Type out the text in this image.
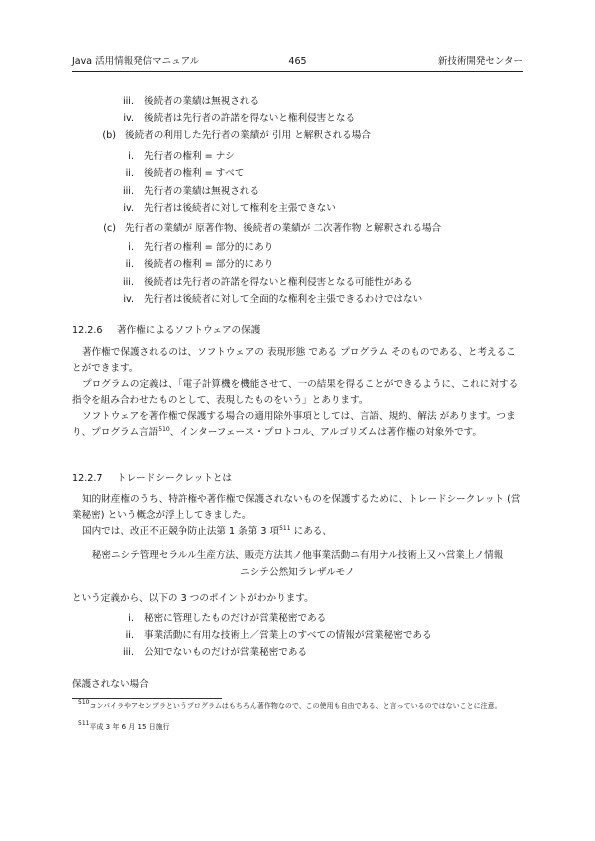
Java 活用情報発信マニュアル	465	新技術開発センター
iii. 後続者の業績は無視される
iv. 後続者は先行者の許諾を得ないと権利侵害となる
(b) 後続者の利用した先行者の業績が 引用 と解釈される場合
i. 先行者の権利 = ナシ
ii. 後続者の権利 = すべて
iii. 先行者の業績は無視される
iv. 先行者は後続者に対して権利を主張できない
(c) 先行者の業績が 原著作物、後続者の業績が 二次著作物 と解釈される場合
i. 先行者の権利 = 部分的にあり
ii. 後続者の権利 = 部分的にあり
iii. 後続者は先行者の許諾を得ないと権利侵害となる可能性がある
iv. 先行者は後続者に対して全面的な権利を主張できるわけではない
12.2.6 著作権によるソフトウェアの保護
著作権で保護されるのは、ソフトウェアの 表現形態 である プログラム そのものである、と考えることができます。
プログラムの定義は、「電子計算機を機能させて、一の結果を得ることができるように、これに対する指令を組み合わせたものとして、表現したものをいう」とあります。
ソフトウェアを著作権で保護する場合の適用除外事項としては、言語、規約、解法 があります。つまり、プログラム言語$^{510}$、インターフェース・プロトコル、アルゴリズムは著作権の対象外です。
12.2.7 トレードシークレットとは
知的財産権のうち、特許権や著作権で保護されないものを保護するために、トレードシークレット (営業秘密) という概念が浮上してきました。
国内では、改正不正競争防止法第 1 条第 3 項$^{511}$ にある、
秘密ニシテ管理セラルル生産方法、販売方法其ノ他事業活動ニ有用ナル技術上又ハ営業上ノ情報
ニシテ公然知ラレザルモノ
という定義から、以下の 3 つのポイントがわかります。
i. 秘密に管理したものだけが営業秘密である
ii. 事業活動に有用な技術上／営業上のすべての情報が営業秘密である
iii. 公知でないものだけが営業秘密である
保護されない場合
$^{510}$コンパイラやアセンブラというプログラムはもちろん著作物なので、この使用も自由である、と言っているのではないことに注意。
$^{511}$平成 3 年 6 月 15 日施行
